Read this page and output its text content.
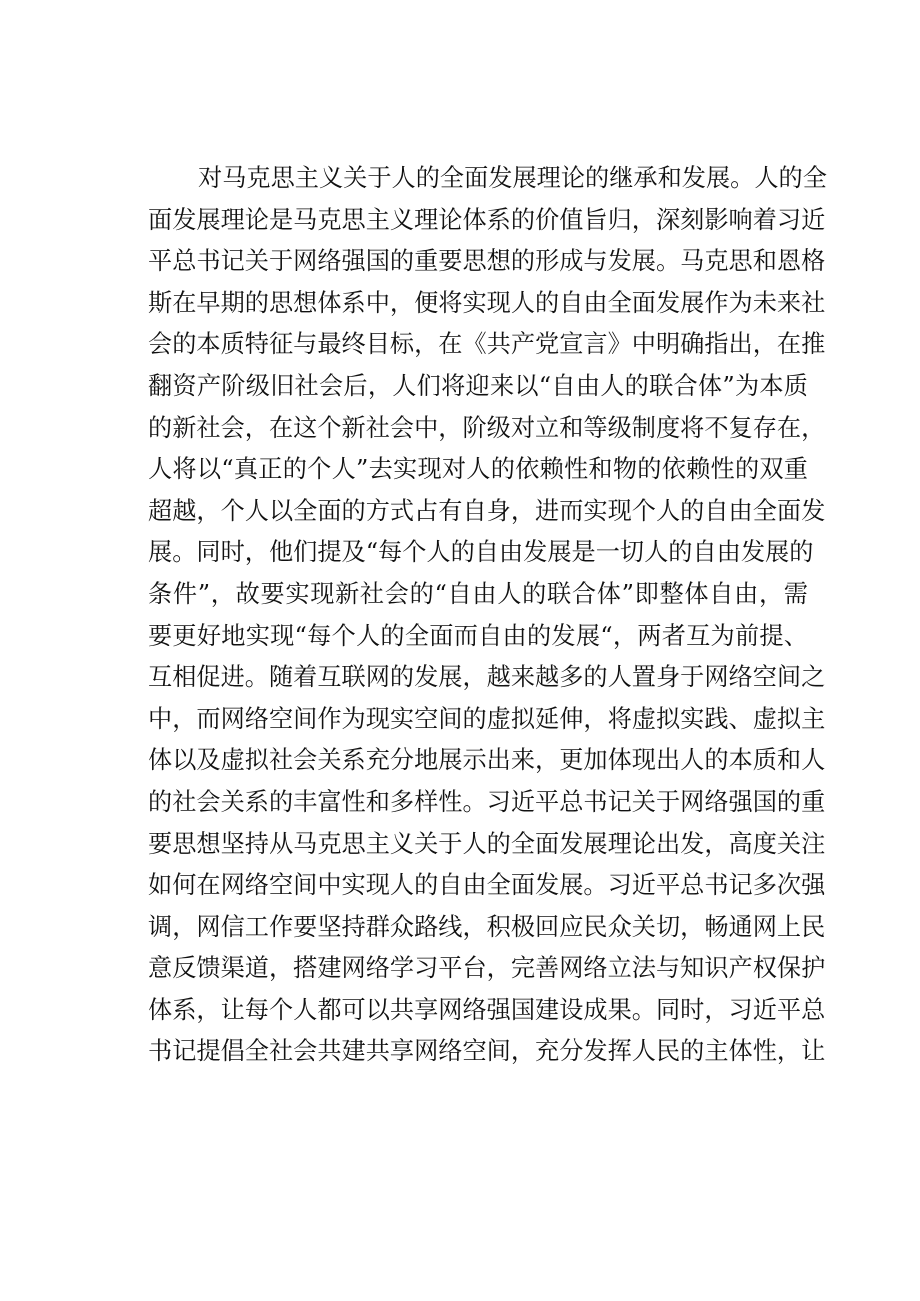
对马克思主义关于人的全面发展理论的继承和发展。人的全
面发展理论是马克思主义理论体系的价值旨归，深刻影响着习近
平总书记关于网络强国的重要思想的形成与发展。马克思和恩格
斯在早期的思想体系中，便将实现人的自由全面发展作为未来社
会的本质特征与最终目标，在《共产党宣言》中明确指出，在推
翻资产阶级旧社会后，人们将迎来以“自由人的联合体”为本质
的新社会，在这个新社会中，阶级对立和等级制度将不复存在，
人将以“真正的个人”去实现对人的依赖性和物的依赖性的双重
超越，个人以全面的方式占有自身，进而实现个人的自由全面发
展。同时，他们提及“每个人的自由发展是一切人的自由发展的
条件”，故要实现新社会的“自由人的联合体”即整体自由，需
要更好地实现“每个人的全面而自由的发展“，两者互为前提、
互相促进。随着互联网的发展，越来越多的人置身于网络空间之
中，而网络空间作为现实空间的虚拟延伸，将虚拟实践、虚拟主
体以及虚拟社会关系充分地展示出来，更加体现出人的本质和人
的社会关系的丰富性和多样性。习近平总书记关于网络强国的重
要思想坚持从马克思主义关于人的全面发展理论出发，高度关注
如何在网络空间中实现人的自由全面发展。习近平总书记多次强
调，网信工作要坚持群众路线，积极回应民众关切，畅通网上民
意反馈渠道，搭建网络学习平台，完善网络立法与知识产权保护
体系，让每个人都可以共享网络强国建设成果。同时，习近平总
书记提倡全社会共建共享网络空间，充分发挥人民的主体性，让
